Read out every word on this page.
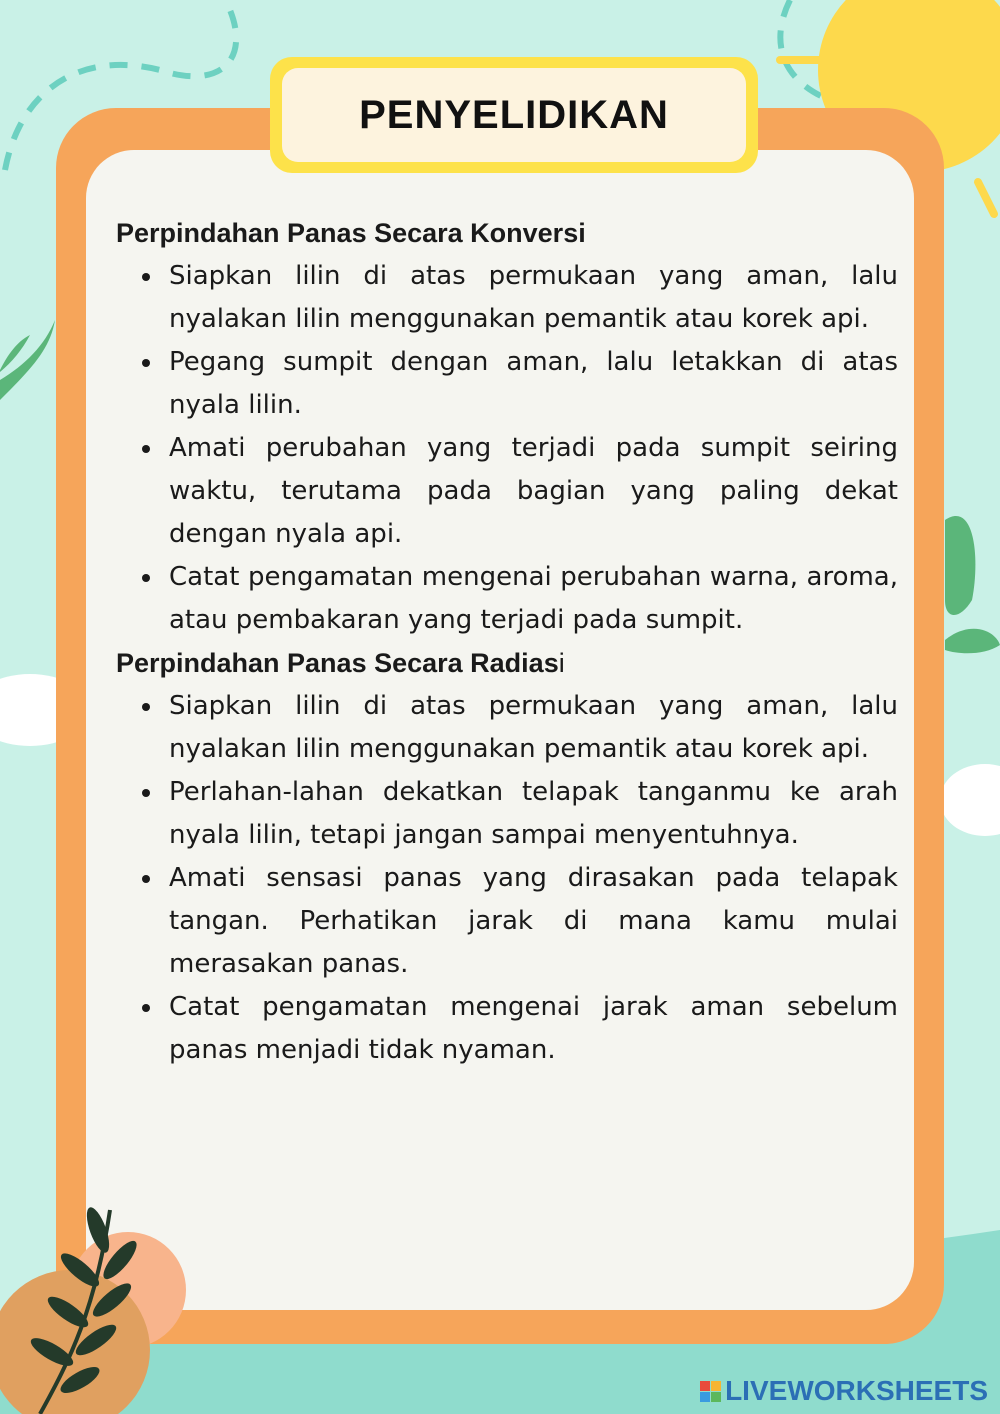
PENYELIDIKAN

Perpindahan Panas Secara Konversi

Siapkan lilin di atas permukaan yang aman, lalu nyalakan lilin menggunakan pemantik atau korek api.
Pegang sumpit dengan aman, lalu letakkan di atas nyala lilin.
Amati perubahan yang terjadi pada sumpit seiring waktu, terutama pada bagian yang paling dekat dengan nyala api.
Catat pengamatan mengenai perubahan warna, aroma, atau pembakaran yang terjadi pada sumpit.

Perpindahan Panas Secara Radiasi

Siapkan lilin di atas permukaan yang aman, lalu nyalakan lilin menggunakan pemantik atau korek api.
Perlahan-lahan dekatkan telapak tanganmu ke arah nyala lilin, tetapi jangan sampai menyentuhnya.
Amati sensasi panas yang dirasakan pada telapak tangan. Perhatikan jarak di mana kamu mulai merasakan panas.
Catat pengamatan mengenai jarak aman sebelum panas menjadi tidak nyaman.
LIVEWORKSHEETS
